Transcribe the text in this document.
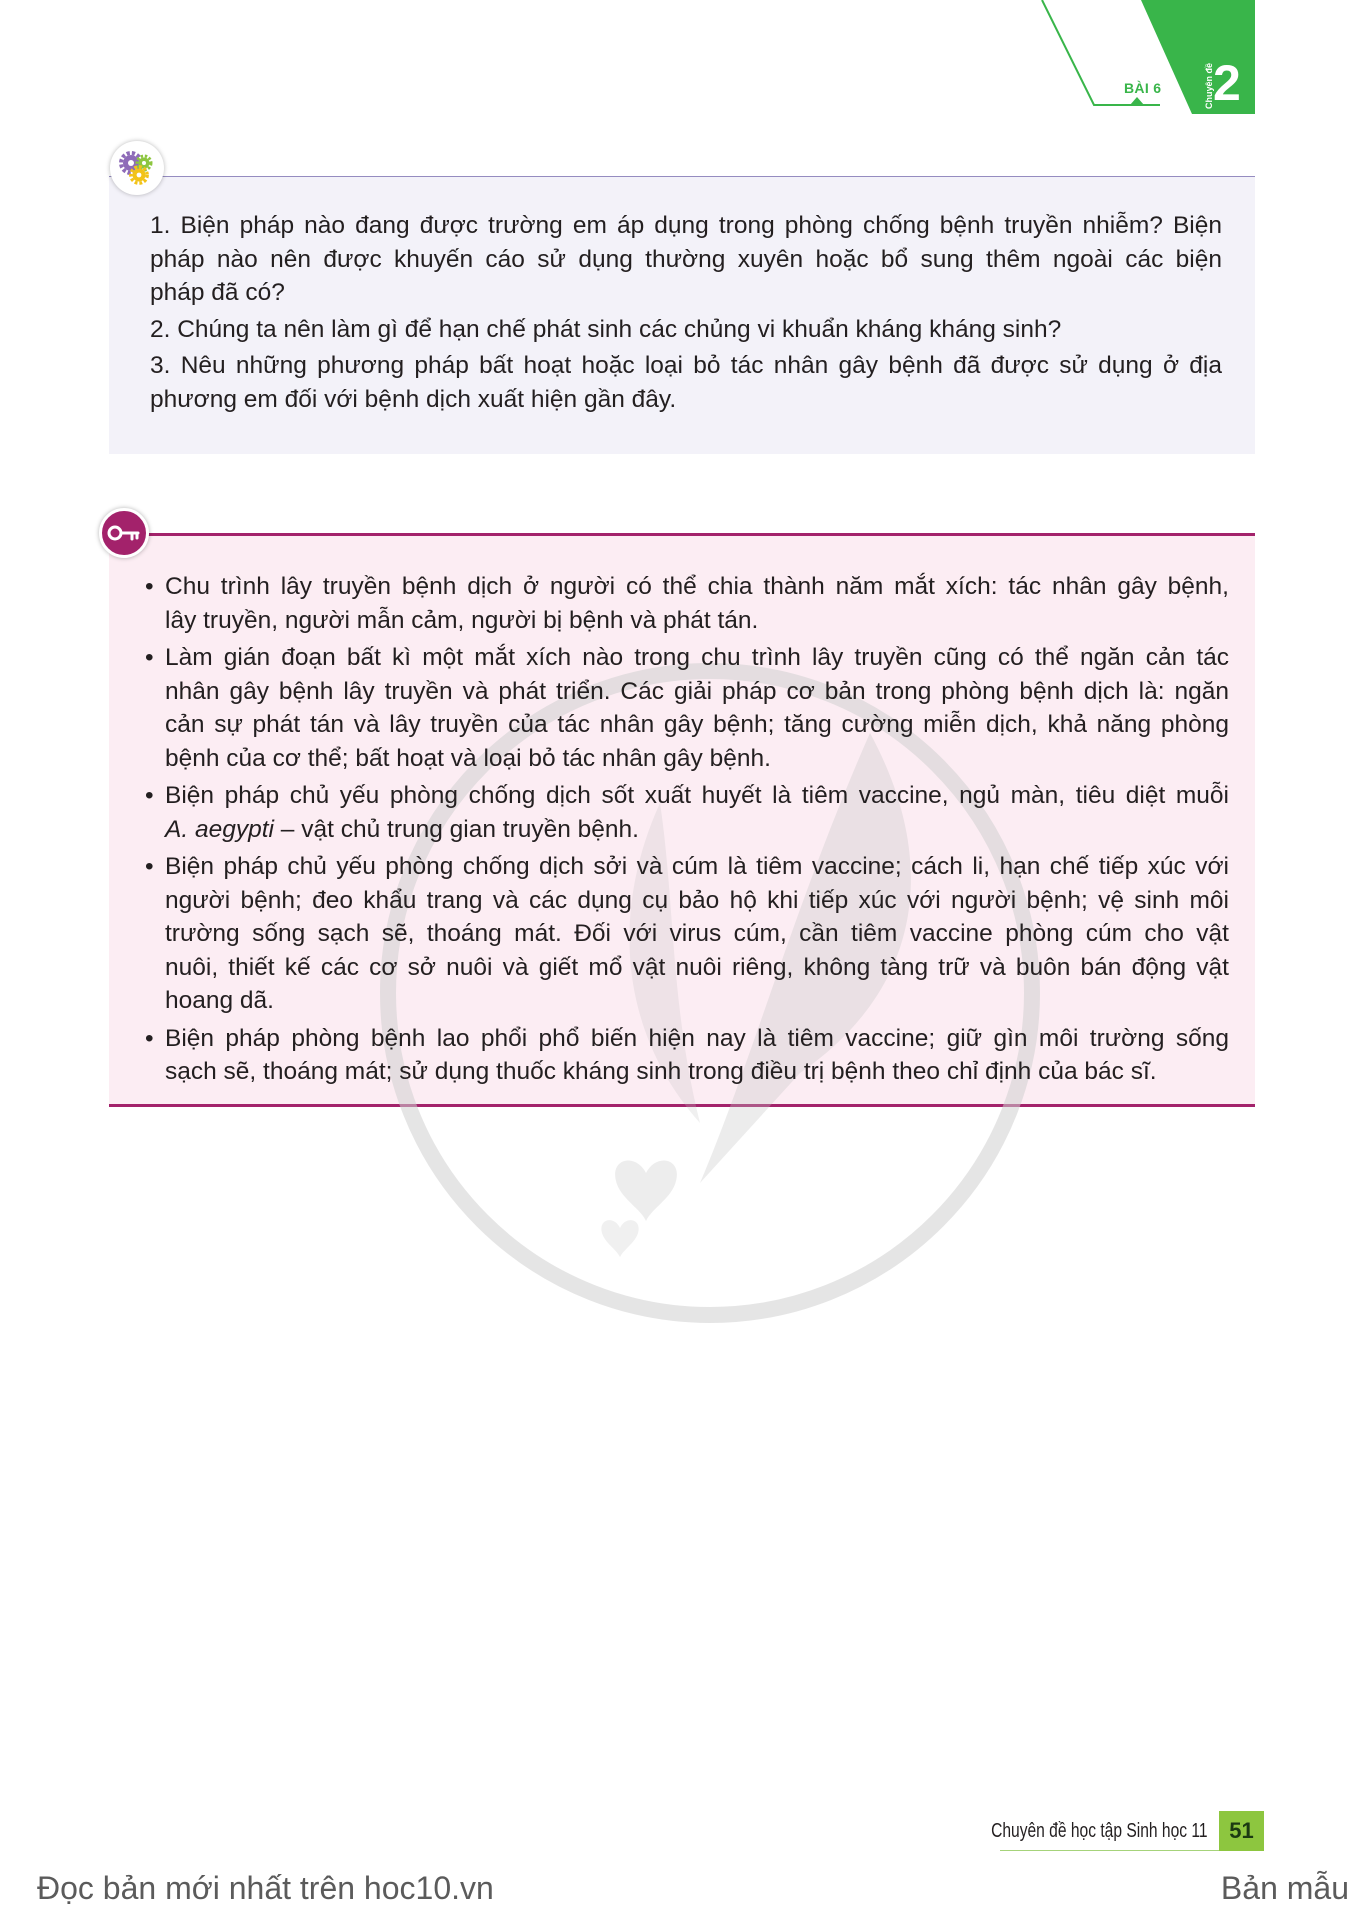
BÀI 6	Chuyên đề 2
1. Biện pháp nào đang được trường em áp dụng trong phòng chống bệnh truyền nhiễm? Biện
pháp nào nên được khuyến cáo sử dụng thường xuyên hoặc bổ sung thêm ngoài các biện
pháp đã có?
2. Chúng ta nên làm gì để hạn chế phát sinh các chủng vi khuẩn kháng kháng sinh?
3. Nêu những phương pháp bất hoạt hoặc loại bỏ tác nhân gây bệnh đã được sử dụng ở địa
phương em đối với bệnh dịch xuất hiện gần đây.
•
Chu trình lây truyền bệnh dịch ở người có thể chia thành năm mắt xích: tác nhân gây bệnh,
lây truyền, người mẫn cảm, người bị bệnh và phát tán.
•
Làm gián đoạn bất kì một mắt xích nào trong chu trình lây truyền cũng có thể ngăn cản tác
nhân gây bệnh lây truyền và phát triển. Các giải pháp cơ bản trong phòng bệnh dịch là: ngăn
cản sự phát tán và lây truyền của tác nhân gây bệnh; tăng cường miễn dịch, khả năng phòng
bệnh của cơ thể; bất hoạt và loại bỏ tác nhân gây bệnh.
•
Biện pháp chủ yếu phòng chống dịch sốt xuất huyết là tiêm vaccine, ngủ màn, tiêu diệt muỗi
A. aegypti – vật chủ trung gian truyền bệnh.
•
Biện pháp chủ yếu phòng chống dịch sởi và cúm là tiêm vaccine; cách li, hạn chế tiếp xúc với
người bệnh; đeo khẩu trang và các dụng cụ bảo hộ khi tiếp xúc với người bệnh; vệ sinh môi
trường sống sạch sẽ, thoáng mát. Đối với virus cúm, cần tiêm vaccine phòng cúm cho vật
nuôi, thiết kế các cơ sở nuôi và giết mổ vật nuôi riêng, không tàng trữ và buôn bán động vật
hoang dã.
•
Biện pháp phòng bệnh lao phổi phổ biến hiện nay là tiêm vaccine; giữ gìn môi trường sống
sạch sẽ, thoáng mát; sử dụng thuốc kháng sinh trong điều trị bệnh theo chỉ định của bác sĩ.
Chuyên đề học tập Sinh học 11 51
Đọc bản mới nhất trên hoc10.vn	Bản mẫu
